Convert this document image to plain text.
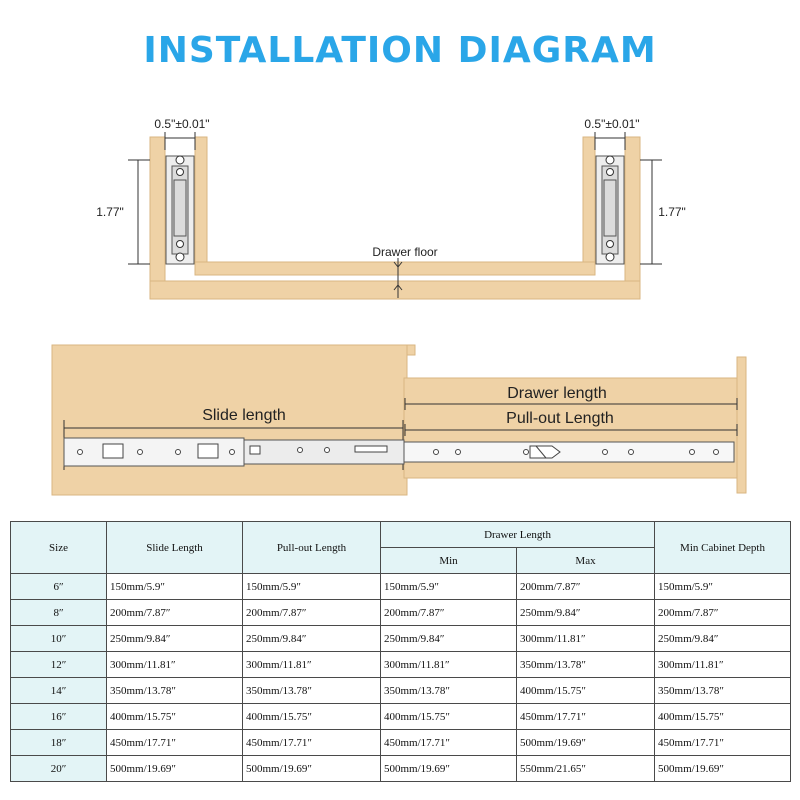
INSTALLATION DIAGRAM
0.5"±0.01"	0.5"±0.01"
1.77"	1.77"
Drawer floor
Drawer length
Pull-out Length
Slide length
Size	Slide Length	Pull-out Length	Drawer Length		Min Cabinet Depth
			Min	Max	
6″	150mm/5.9″	150mm/5.9″	150mm/5.9″	200mm/7.87″	150mm/5.9″
8″	200mm/7.87″	200mm/7.87″	200mm/7.87″	250mm/9.84″	200mm/7.87″
10″	250mm/9.84″	250mm/9.84″	250mm/9.84″	300mm/11.81″	250mm/9.84″
12″	300mm/11.81″	300mm/11.81″	300mm/11.81″	350mm/13.78″	300mm/11.81″
14″	350mm/13.78″	350mm/13.78″	350mm/13.78″	400mm/15.75″	350mm/13.78″
16″	400mm/15.75″	400mm/15.75″	400mm/15.75″	450mm/17.71″	400mm/15.75″
18″	450mm/17.71″	450mm/17.71″	450mm/17.71″	500mm/19.69″	450mm/17.71″
20″	500mm/19.69″	500mm/19.69″	500mm/19.69″	550mm/21.65″	500mm/19.69″
